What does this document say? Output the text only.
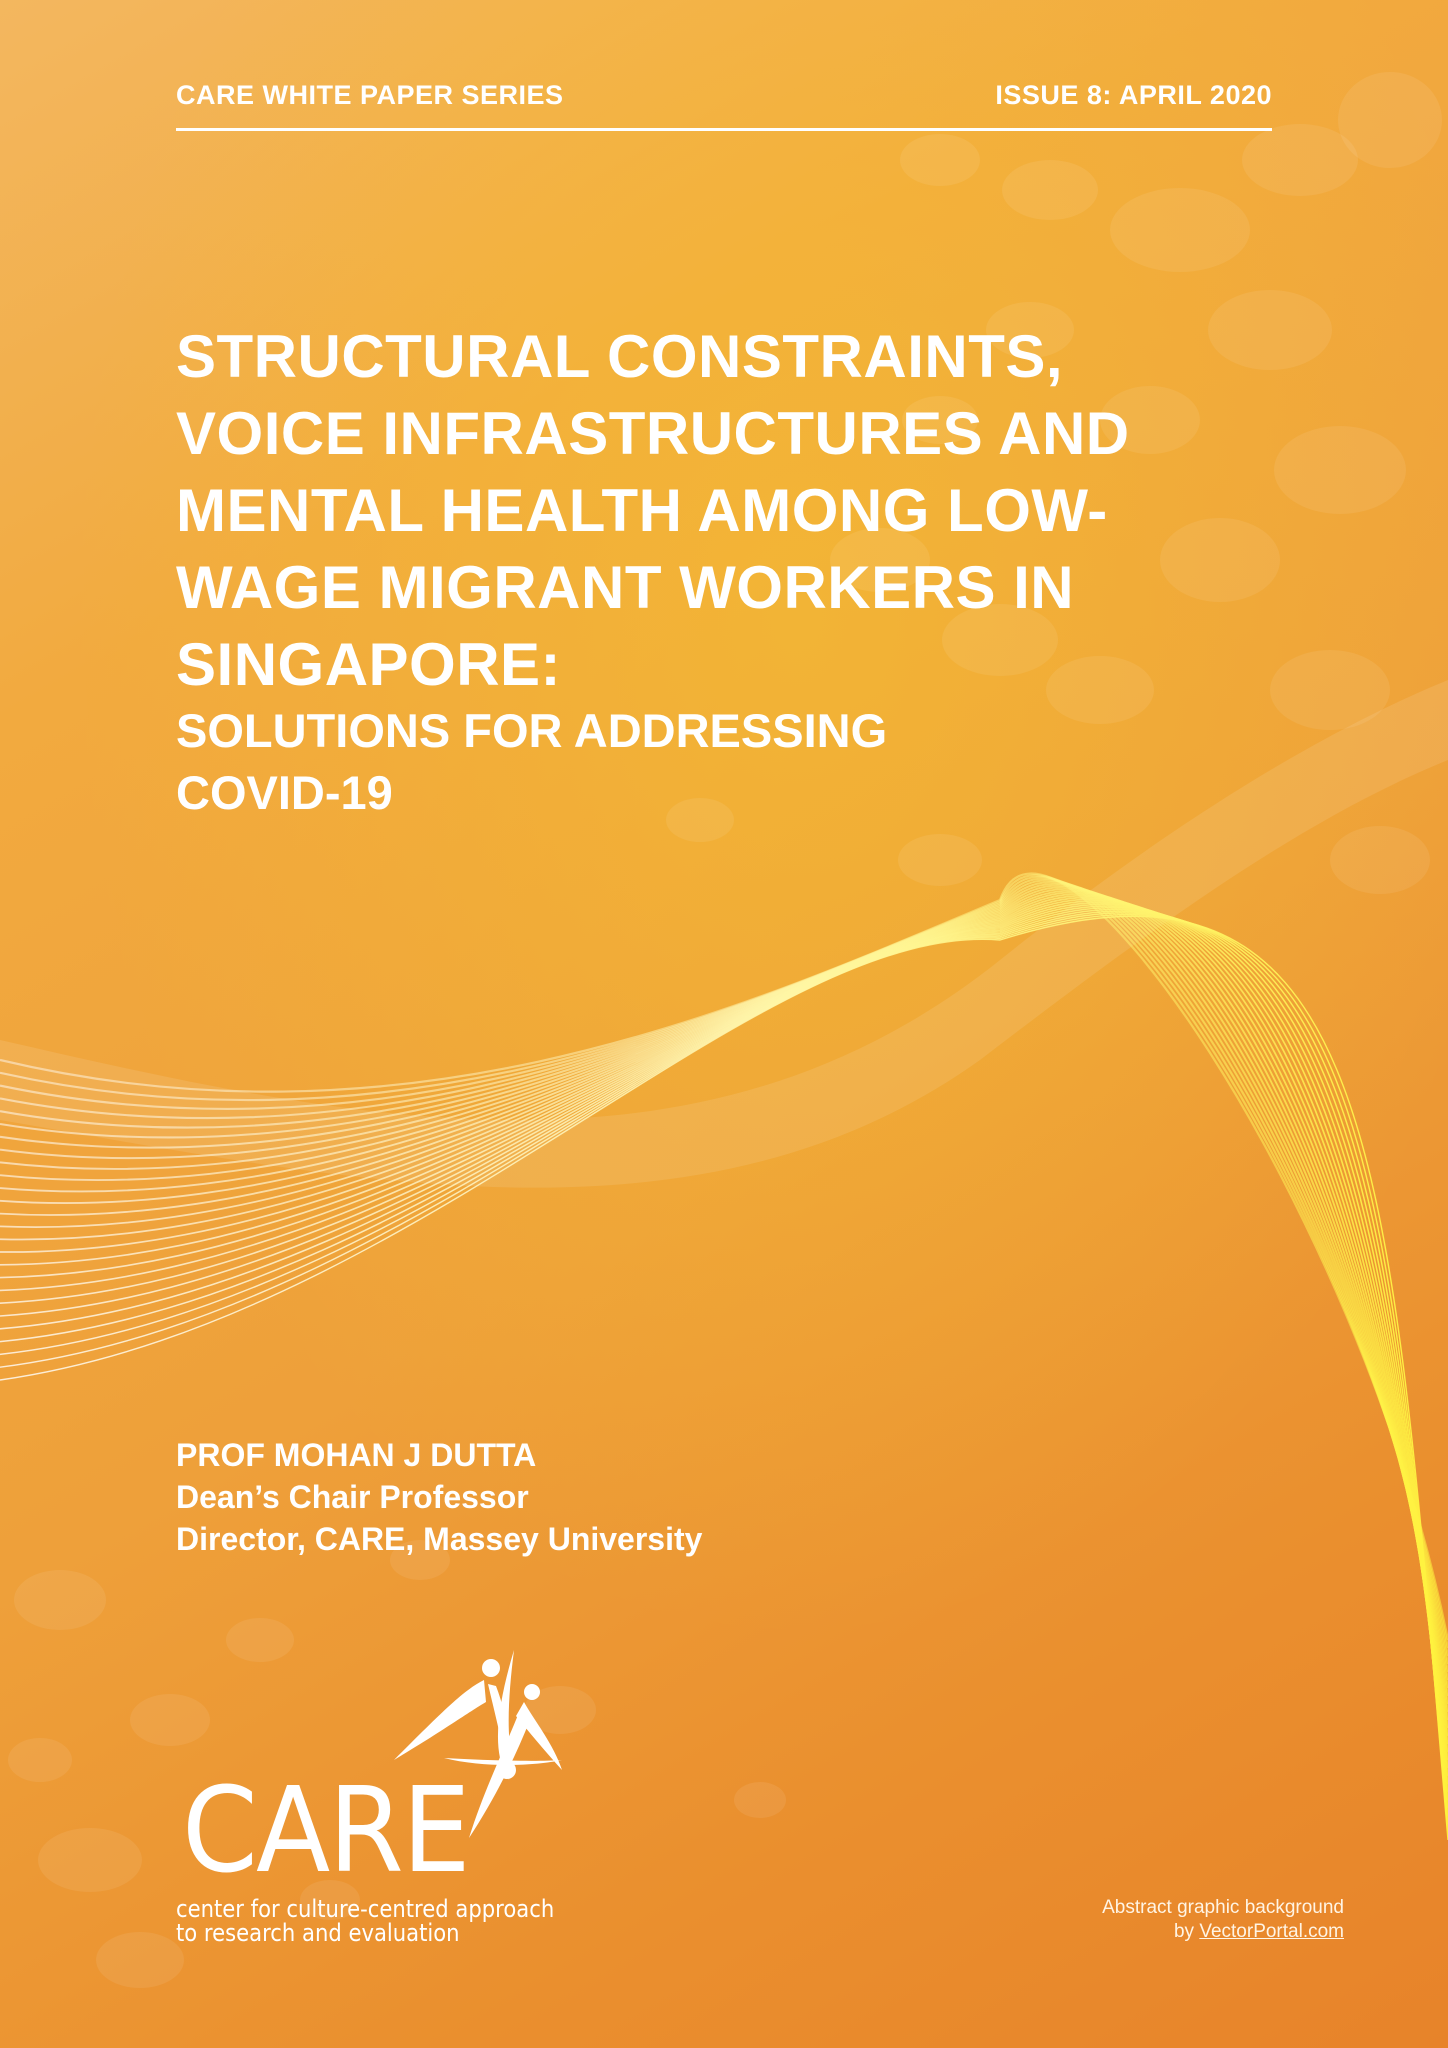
CARE WHITE PAPER SERIES	ISSUE 8: APRIL 2020
STRUCTURAL CONSTRAINTS,
VOICE INFRASTRUCTURES AND
MENTAL HEALTH AMONG LOW-
WAGE MIGRANT WORKERS IN
SINGAPORE:
SOLUTIONS FOR ADDRESSING
COVID-19
PROF MOHAN J DUTTA
Dean’s Chair Professor
Director, CARE, Massey University
CARE
center for culture-centred approach
to research and evaluation
Abstract graphic background
by VectorPortal.com
